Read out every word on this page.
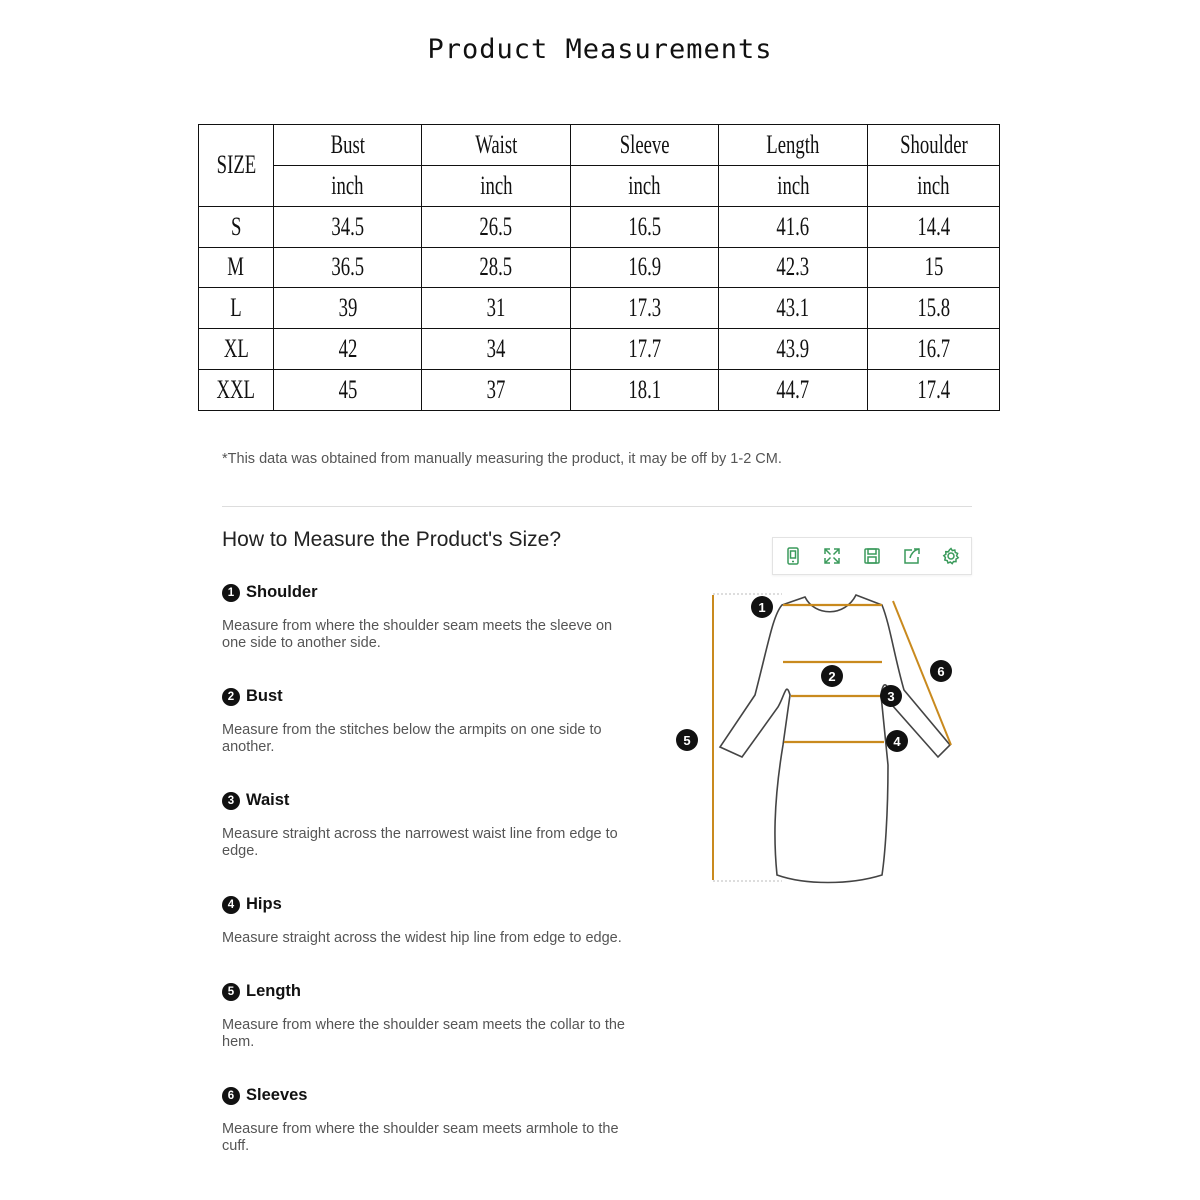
Product Measurements
SIZE	Bust	Waist	Sleeve	Length	Shoulder
	inch	inch	inch	inch	inch
S	34.5	26.5	16.5	41.6	14.4
M	36.5	28.5	16.9	42.3	15
L	39	31	17.3	43.1	15.8
XL	42	34	17.7	43.9	16.7
XXL	45	37	18.1	44.7	17.4
*This data was obtained from manually measuring the product, it may be off by 1-2 CM.
How to Measure the Product's Size?
1 Shoulder
Measure from where the shoulder seam meets the sleeve on one side to another side.
2 Bust
Measure from the stitches below the armpits on one side to another.
3 Waist
Measure straight across the narrowest waist line from edge to edge.
4 Hips
Measure straight across the widest hip line from edge to edge.
5 Length
Measure from where the shoulder seam meets the collar to the hem.
6 Sleeves
Measure from where the shoulder seam meets armhole to the cuff.
1
2
3
4
5
6
